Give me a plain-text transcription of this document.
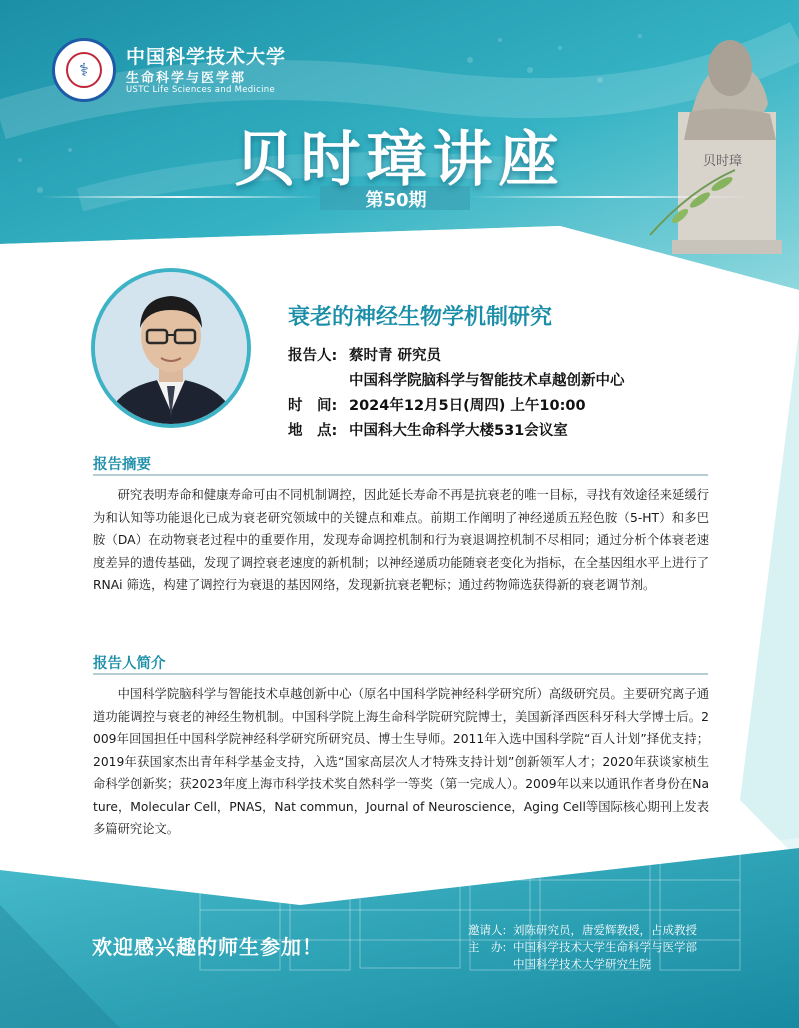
⚕
中国科学技术大学
生命科学与医学部
USTC Life Sciences and Medicine
贝时璋讲座
第50期
贝时璋
衰老的神经生物学机制研究
报告人: 蔡时青 研究员
中国科学院脑科学与智能技术卓越创新中心
时　间: 2024年12月5日(周四) 上午10:00
地　点: 中国科大生命科学大楼531会议室
报告摘要
研究表明寿命和健康寿命可由不同机制调控，因此延长寿命不再是抗衰老的唯一目标，寻找有效途径来延缓行为和认知等功能退化已成为衰老研究领域中的关键点和难点。前期工作阐明了神经递质五羟色胺（5-HT）和多巴胺（DA）在动物衰老过程中的重要作用，发现寿命调控机制和行为衰退调控机制不尽相同；通过分析个体衰老速度差异的遗传基础，发现了调控衰老速度的新机制；以神经递质功能随衰老变化为指标，在全基因组水平上进行了RNAi 筛选，构建了调控行为衰退的基因网络，发现新抗衰老靶标；通过药物筛选获得新的衰老调节剂。
报告人简介
中国科学院脑科学与智能技术卓越创新中心（原名中国科学院神经科学研究所）高级研究员。主要研究离子通道功能调控与衰老的神经生物机制。中国科学院上海生命科学院研究院博士，美国新泽西医科牙科大学博士后。2009年回国担任中国科学院神经科学研究所研究员、博士生导师。2011年入选中国科学院“百人计划”择优支持；2019年获国家杰出青年科学基金支持，入选“国家高层次人才特殊支持计划”创新领军人才；2020年获谈家桢生命科学创新奖；获2023年度上海市科学技术奖自然科学一等奖（第一完成人）。2009年以来以通讯作者身份在Nature，Molecular Cell，PNAS，Nat commun，Journal of Neuroscience，Aging Cell等国际核心期刊上发表多篇研究论文。
欢迎感兴趣的师生参加！
邀请人: 刘陈研究员，唐爱辉教授，占成教授
主　办: 中国科学技术大学生命科学与医学部
中国科学技术大学研究生院
